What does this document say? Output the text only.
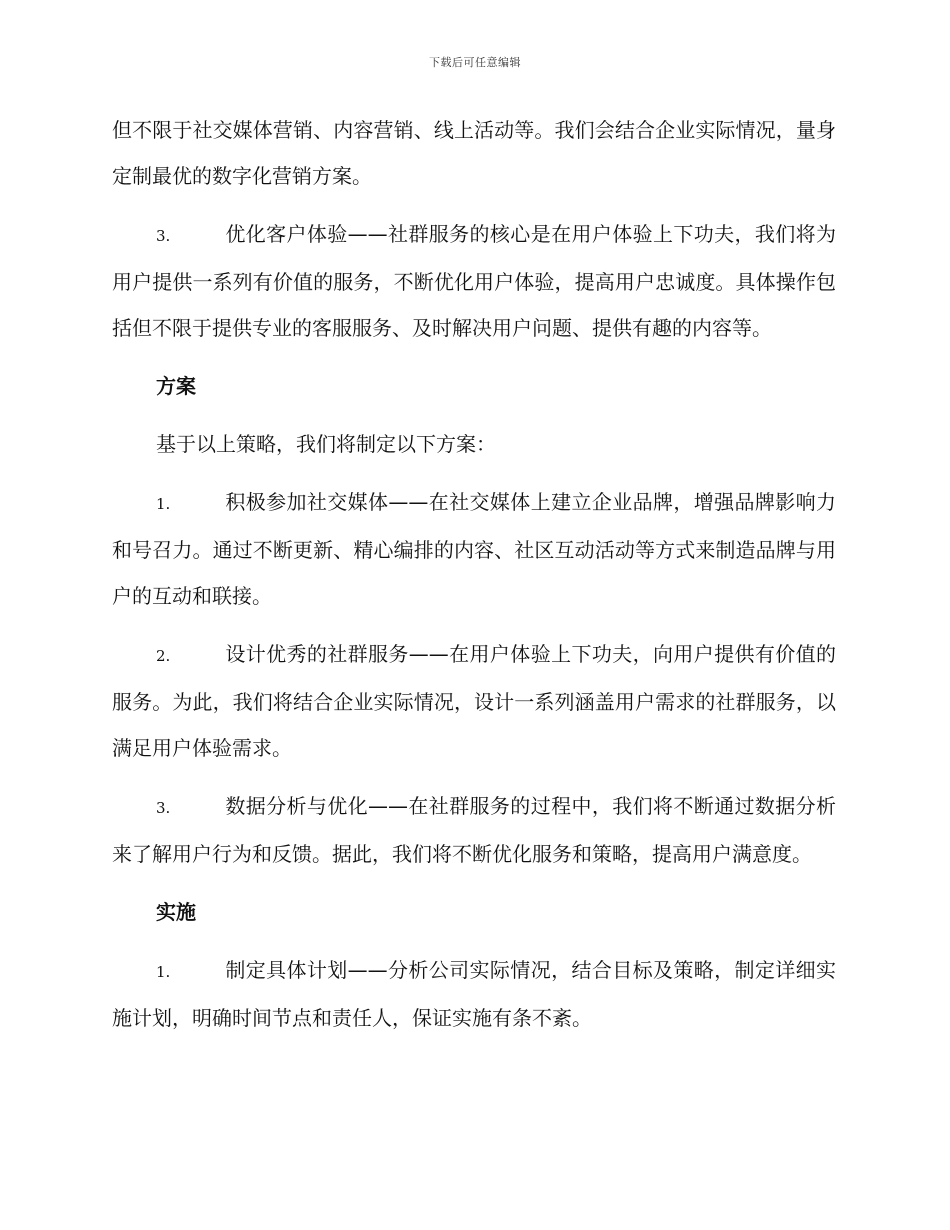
下载后可任意编辑

但不限于社交媒体营销、内容营销、线上活动等。我们会结合企业实际情况，量身定制最优的数字化营销方案。

3.	优化客户体验——社群服务的核心是在用户体验上下功夫，我们将为用户提供一系列有价值的服务，不断优化用户体验，提高用户忠诚度。具体操作包括但不限于提供专业的客服服务、及时解决用户问题、提供有趣的内容等。

方案

基于以上策略，我们将制定以下方案：

1.	积极参加社交媒体——在社交媒体上建立企业品牌，增强品牌影响力和号召力。通过不断更新、精心编排的内容、社区互动活动等方式来制造品牌与用户的互动和联接。

2.	设计优秀的社群服务——在用户体验上下功夫，向用户提供有价值的服务。为此，我们将结合企业实际情况，设计一系列涵盖用户需求的社群服务，以满足用户体验需求。

3.	数据分析与优化——在社群服务的过程中，我们将不断通过数据分析来了解用户行为和反馈。据此，我们将不断优化服务和策略，提高用户满意度。

实施

1.	制定具体计划——分析公司实际情况，结合目标及策略，制定详细实施计划，明确时间节点和责任人，保证实施有条不紊。
